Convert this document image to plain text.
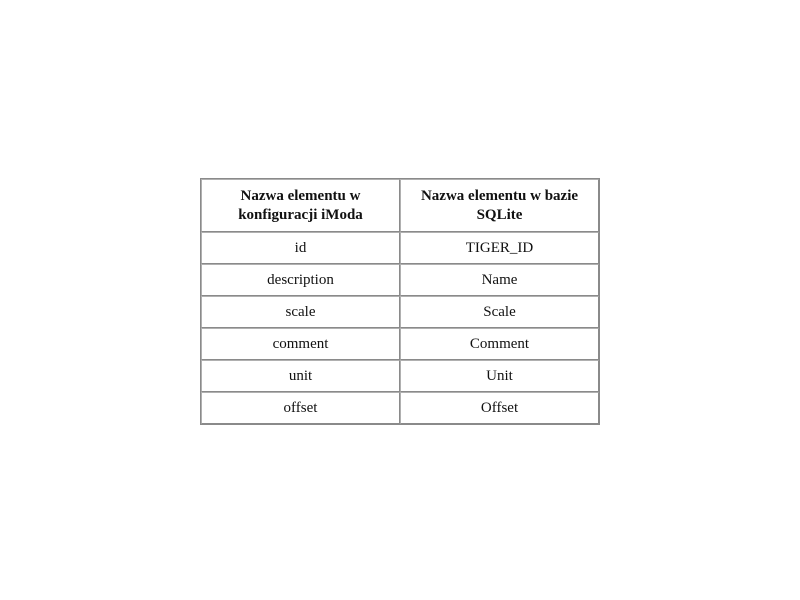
Nazwa elementu w konfiguracji iModa	Nazwa elementu w bazie SQLite
id	TIGER_ID
description	Name
scale	Scale
comment	Comment
unit	Unit
offset	Offset
